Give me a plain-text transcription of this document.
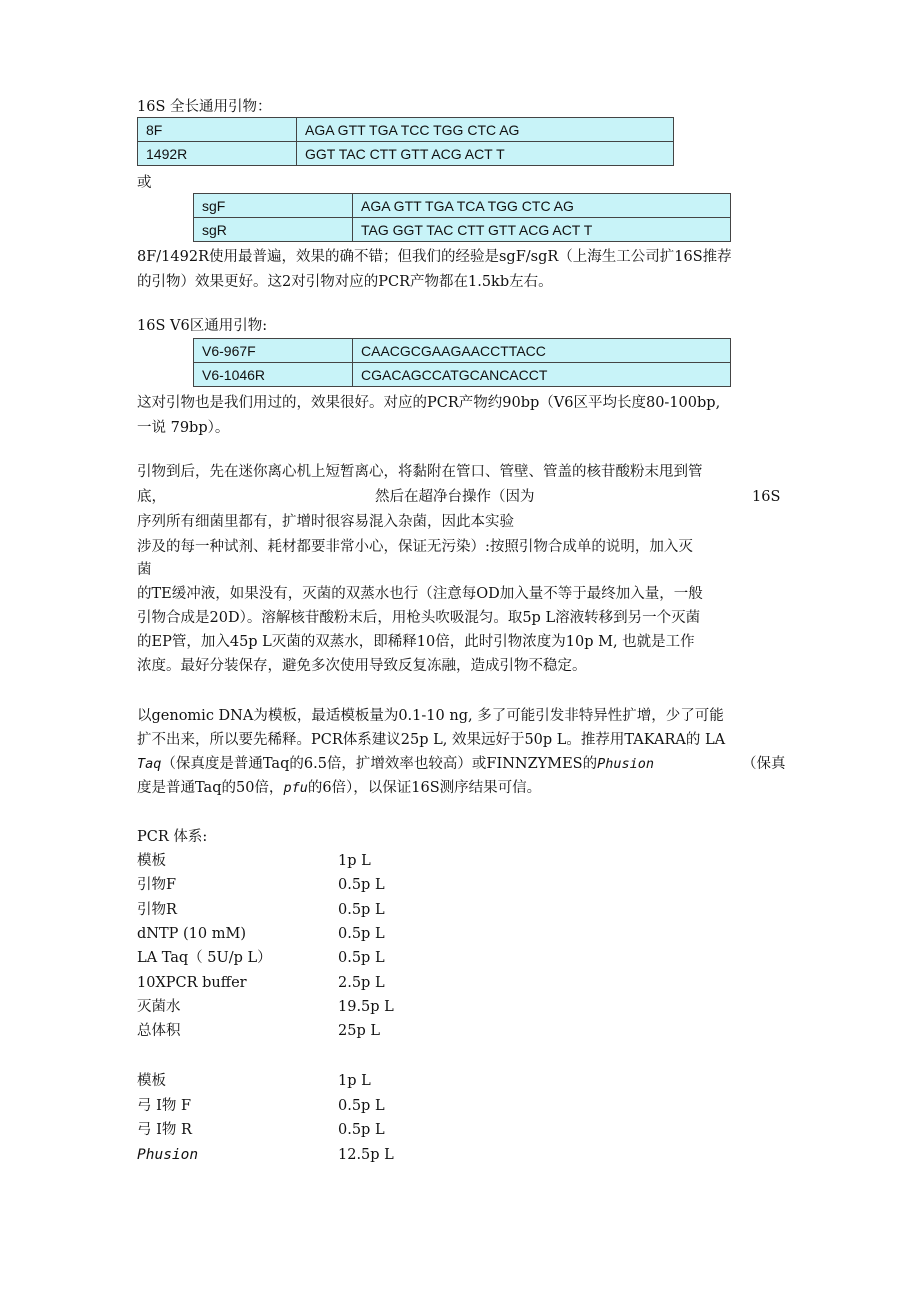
16S 全长通用引物：
8F	AGA GTT TGA TCC TGG CTC AG
1492R	GGT TAC CTT GTT ACG ACT T
或
sgF	AGA GTT TGA TCA TGG CTC AG
sgR	TAG GGT TAC CTT GTT ACG ACT T
8F/1492R使用最普遍，效果的确不错；但我们的经验是sgF/sgR（上海生工公司扩16S推荐
的引物）效果更好。这2对引物对应的PCR产物都在1.5kb左右。
16S V6区通用引物:
V6-967F	CAACGCGAAGAACCTTACC
V6-1046R	CGACAGCCATGCANCACCT
这对引物也是我们用过的，效果很好。对应的PCR产物约90bp（V6区平均长度80-100bp,
一说 79bp）。
引物到后，先在迷你离心机上短暂离心，将黏附在管口、管壁、管盖的核苷酸粉末甩到管
底，	然后在超净台操作（因为	16S
序列所有细菌里都有，扩增时很容易混入杂菌，因此本实验
涉及的每一种试剂、耗材都要非常小心，保证无污染）:按照引物合成单的说明，加入灭
菌
的TE缓冲液，如果没有，灭菌的双蒸水也行（注意每OD加入量不等于最终加入量，一般
引物合成是20D）。溶解核苷酸粉末后，用枪头吹吸混匀。取5p L溶液转移到另一个灭菌
的EP管，加入45p L灭菌的双蒸水，即稀释10倍，此时引物浓度为10p M, 也就是工作
浓度。最好分装保存，避免多次使用导致反复冻融，造成引物不稳定。
以genomic DNA为模板，最适模板量为0.1-10 ng, 多了可能引发非特异性扩增，少了可能
扩不出来，所以要先稀释。PCR体系建议25p L, 效果远好于50p L。推荐用TAKARA的 LA
Taq（保真度是普通Taq的6.5倍，扩增效率也较高）或FINNZYMES的Phusion	（保真
度是普通Taq的50倍，pfu的6倍），以保证16S测序结果可信。
PCR 体系:
模板	1p L
引物F	0.5p L
引物R	0.5p L
dNTP (10 mM)	0.5p L
LA Taq（ 5U/p L）	0.5p L
10XPCR buffer	2.5p L
灭菌水	19.5p L
总体积	25p L
模板	1p L
弓 I物 F	0.5p L
弓 I物 R	0.5p L
Phusion	12.5p L
